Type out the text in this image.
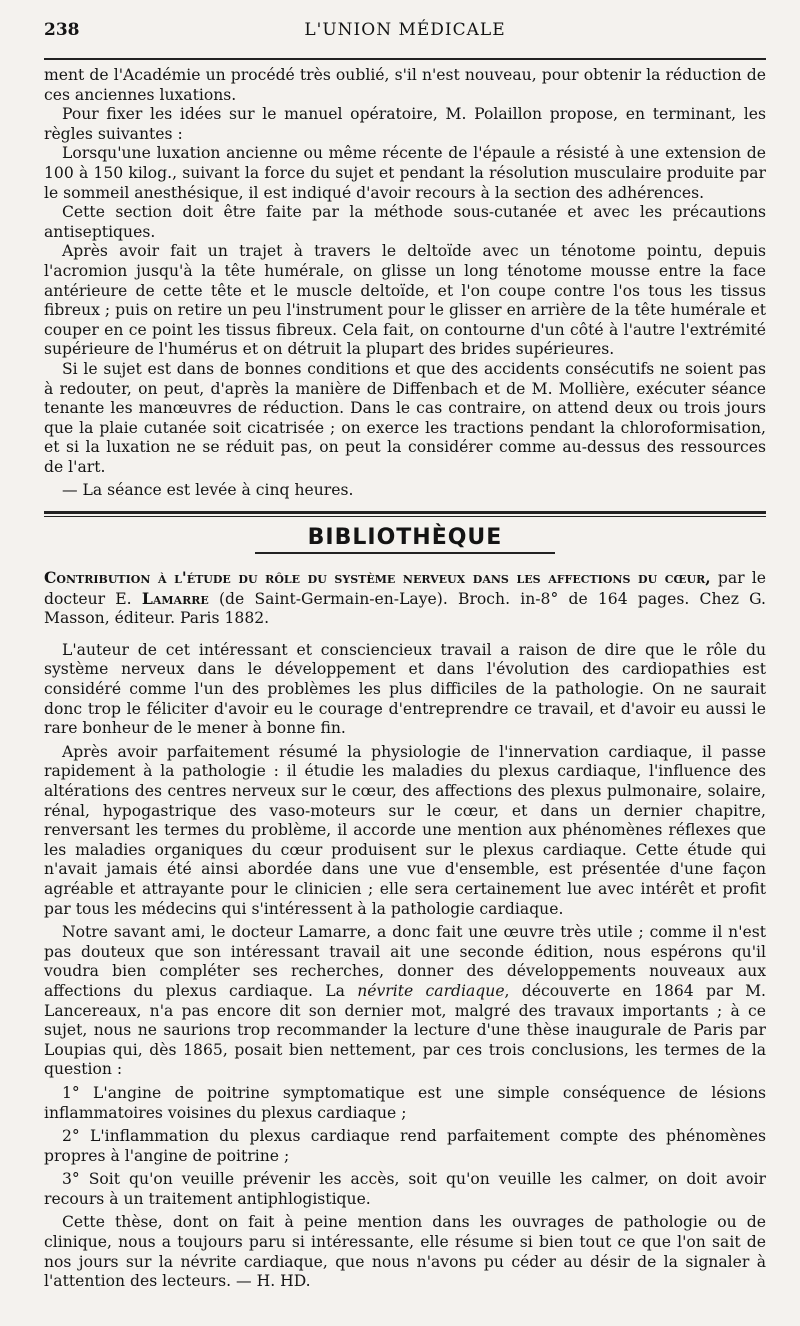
238	L'UNION MÉDICALE

ment de l'Académie un procédé très oublié, s'il n'est nouveau, pour obtenir la réduction de ces anciennes luxations.

Pour fixer les idées sur le manuel opératoire, M. Polaillon propose, en terminant, les règles suivantes :

Lorsqu'une luxation ancienne ou même récente de l'épaule a résisté à une extension de 100 à 150 kilog., suivant la force du sujet et pendant la résolution musculaire produite par le sommeil anesthésique, il est indiqué d'avoir recours à la section des adhérences.

Cette section doit être faite par la méthode sous-cutanée et avec les précautions antiseptiques.

Après avoir fait un trajet à travers le deltoïde avec un ténotome pointu, depuis l'acromion jusqu'à la tête humérale, on glisse un long ténotome mousse entre la face antérieure de cette tête et le muscle deltoïde, et l'on coupe contre l'os tous les tissus fibreux ; puis on retire un peu l'instrument pour le glisser en arrière de la tête humérale et couper en ce point les tissus fibreux. Cela fait, on contourne d'un côté à l'autre l'extrémité supérieure de l'humérus et on détruit la plupart des brides supérieures.

Si le sujet est dans de bonnes conditions et que des accidents consécutifs ne soient pas à redouter, on peut, d'après la manière de Diffenbach et de M. Mollière, exécuter séance tenante les manœuvres de réduction. Dans le cas contraire, on attend deux ou trois jours que la plaie cutanée soit cicatrisée ; on exerce les tractions pendant la chloroformisation, et si la luxation ne se réduit pas, on peut la considérer comme au-dessus des ressources de l'art.

— La séance est levée à cinq heures.

BIBLIOTHÈQUE
Contribution à l'étude du rôle du système nerveux dans les affections du cœur, par le docteur E. Lamarre (de Saint-Germain-en-Laye). Broch. in-8° de 164 pages. Chez G. Masson, éditeur. Paris 1882.

L'auteur de cet intéressant et consciencieux travail a raison de dire que le rôle du système nerveux dans le développement et dans l'évolution des cardiopathies est considéré comme l'un des problèmes les plus difficiles de la pathologie. On ne saurait donc trop le féliciter d'avoir eu le courage d'entreprendre ce travail, et d'avoir eu aussi le rare bonheur de le mener à bonne fin.

Après avoir parfaitement résumé la physiologie de l'innervation cardiaque, il passe rapidement à la pathologie : il étudie les maladies du plexus cardiaque, l'influence des altérations des centres nerveux sur le cœur, des affections des plexus pulmonaire, solaire, rénal, hypogastrique des vaso-moteurs sur le cœur, et dans un dernier chapitre, renversant les termes du problème, il accorde une mention aux phénomènes réflexes que les maladies organiques du cœur produisent sur le plexus cardiaque. Cette étude qui n'avait jamais été ainsi abordée dans une vue d'ensemble, est présentée d'une façon agréable et attrayante pour le clinicien ; elle sera certainement lue avec intérêt et profit par tous les médecins qui s'intéressent à la pathologie cardiaque.

Notre savant ami, le docteur Lamarre, a donc fait une œuvre très utile ; comme il n'est pas douteux que son intéressant travail ait une seconde édition, nous espérons qu'il voudra bien compléter ses recherches, donner des développements nouveaux aux affections du plexus cardiaque. La névrite cardiaque, découverte en 1864 par M. Lancereaux, n'a pas encore dit son dernier mot, malgré des travaux importants ; à ce sujet, nous ne saurions trop recommander la lecture d'une thèse inaugurale de Paris par Loupias qui, dès 1865, posait bien nettement, par ces trois conclusions, les termes de la question :

1° L'angine de poitrine symptomatique est une simple conséquence de lésions inflammatoires voisines du plexus cardiaque ;

2° L'inflammation du plexus cardiaque rend parfaitement compte des phénomènes propres à l'angine de poitrine ;

3° Soit qu'on veuille prévenir les accès, soit qu'on veuille les calmer, on doit avoir recours à un traitement antiphlogistique.

Cette thèse, dont on fait à peine mention dans les ouvrages de pathologie ou de clinique, nous a toujours paru si intéressante, elle résume si bien tout ce que l'on sait de nos jours sur la névrite cardiaque, que nous n'avons pu céder au désir de la signaler à l'attention des lecteurs. — H. HD.
